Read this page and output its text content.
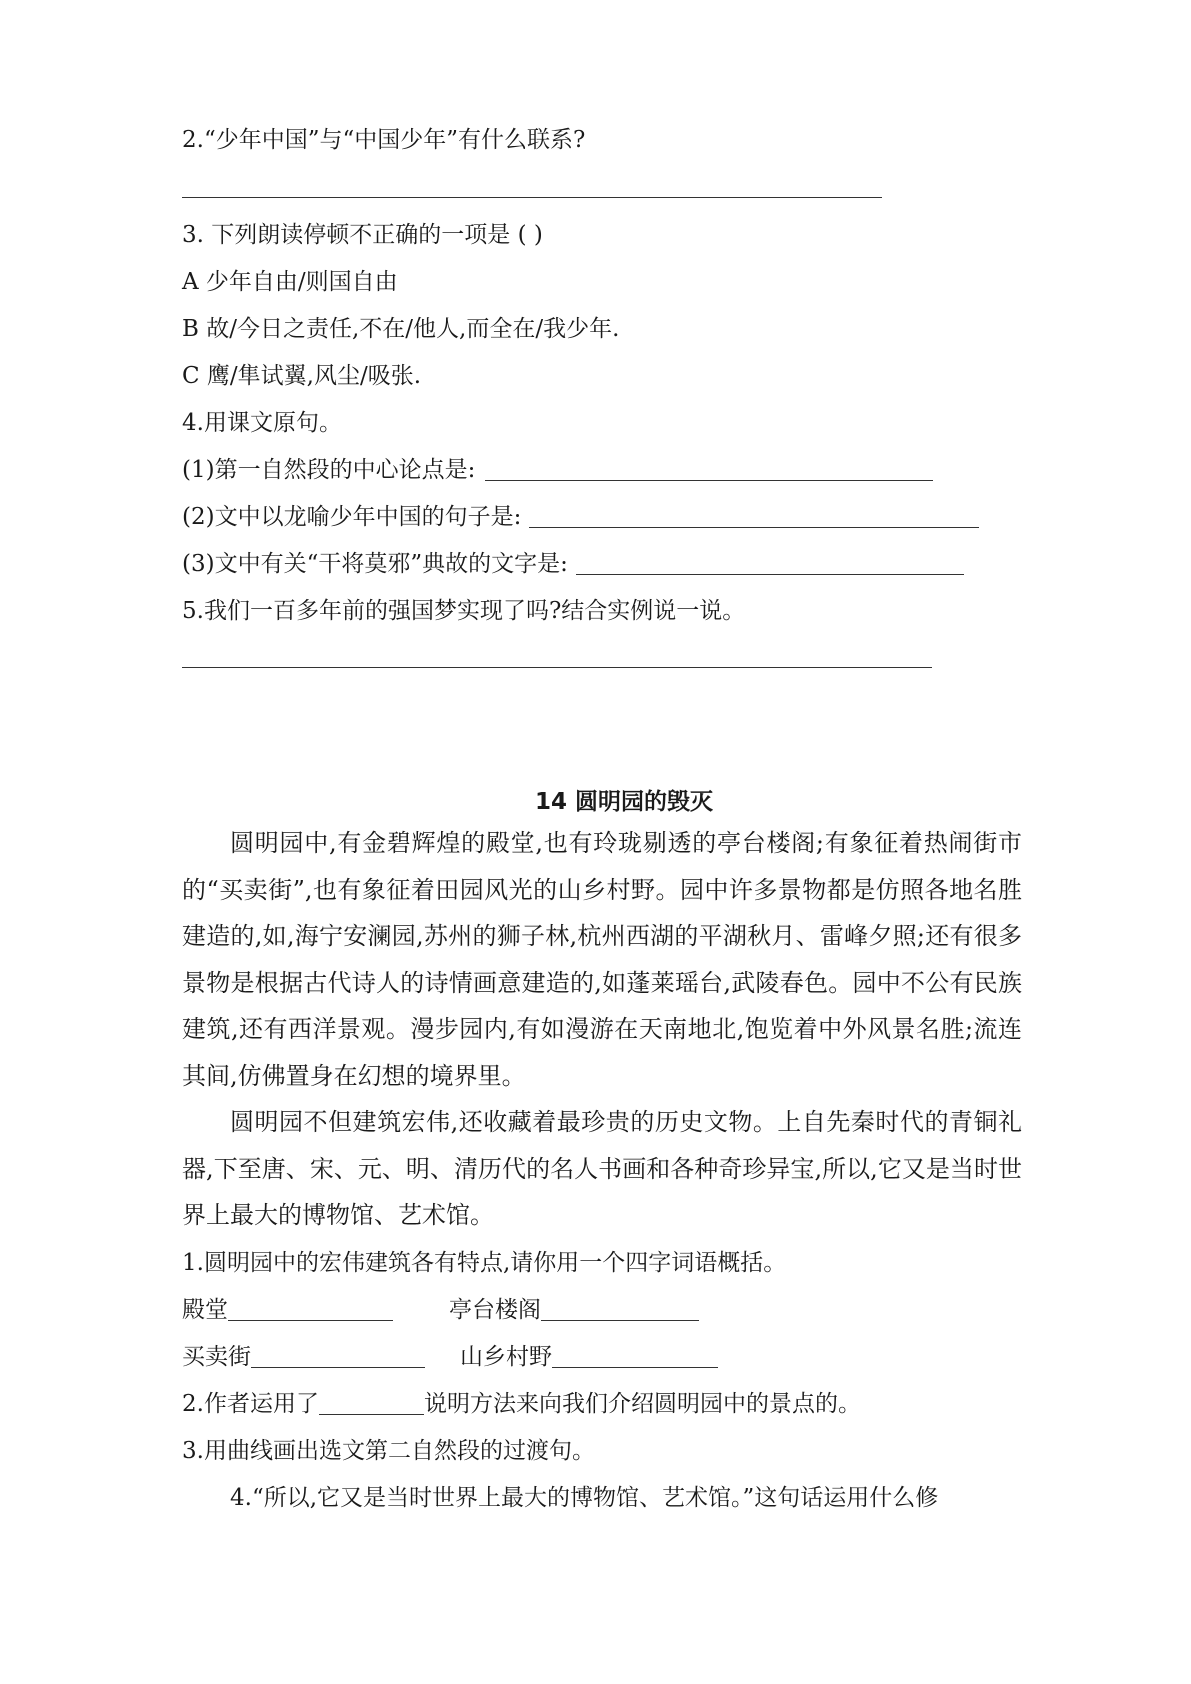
2.“少年中国”与“中国少年”有什么联系?
3. 下列朗读停顿不正确的一项是 ( )
A 少年自由/则国自由
B 故/今日之责任,不在/他人,而全在/我少年.
C 鹰/隼试翼,风尘/吸张.
4.用课文原句。
(1)第一自然段的中心论点是:
(2)文中以龙喻少年中国的句子是:
(3)文中有关“干将莫邪”典故的文字是:
5.我们一百多年前的强国梦实现了吗?结合实例说一说。
14 圆明园的毁灭
圆明园中,有金碧辉煌的殿堂,也有玲珑剔透的亭台楼阁;有象征着热闹街市的“买卖街”,也有象征着田园风光的山乡村野。园中许多景物都是仿照各地名胜建造的,如,海宁安澜园,苏州的狮子林,杭州西湖的平湖秋月、雷峰夕照;还有很多景物是根据古代诗人的诗情画意建造的,如蓬莱瑶台,武陵春色。园中不公有民族建筑,还有西洋景观。漫步园内,有如漫游在天南地北,饱览着中外风景名胜;流连其间,仿佛置身在幻想的境界里。
圆明园不但建筑宏伟,还收藏着最珍贵的历史文物。上自先秦时代的青铜礼器,下至唐、宋、元、明、清历代的名人书画和各种奇珍异宝,所以,它又是当时世界上最大的博物馆、艺术馆。
1.圆明园中的宏伟建筑各有特点,请你用一个四字词语概括。
殿堂	亭台楼阁
买卖街	山乡村野
2.作者运用了	说明方法来向我们介绍圆明园中的景点的。
3.用曲线画出选文第二自然段的过渡句。
4.“所以,它又是当时世界上最大的博物馆、艺术馆。”这句话运用什么修
